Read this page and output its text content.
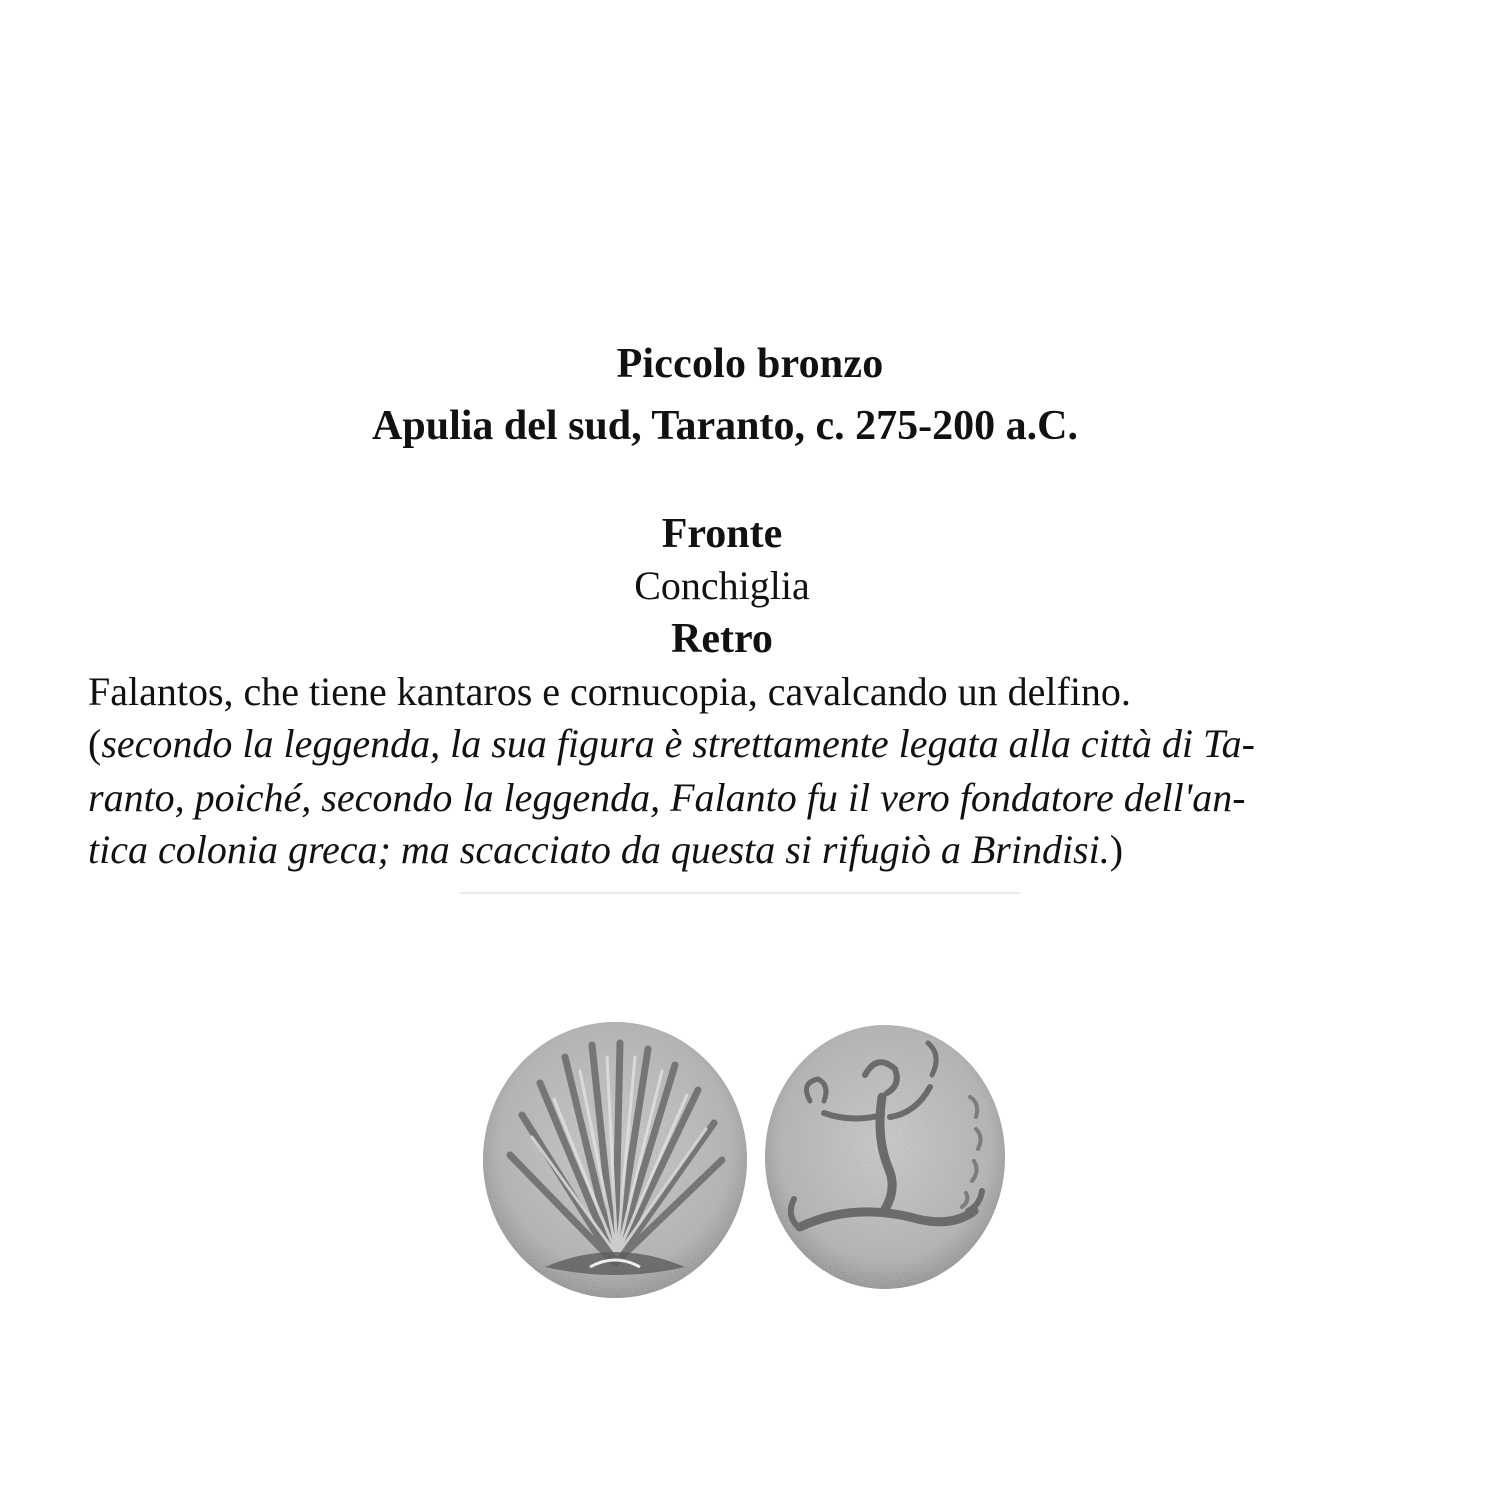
Piccolo bronzo
Apulia del sud, Taranto, c. 275-200 a.C.
Fronte
Conchiglia
Retro
Falantos, che tiene kantaros e cornucopia, cavalcando un delfino.
(secondo la leggenda, la sua figura è strettamente legata alla città di Ta-
ranto, poiché, secondo la leggenda, Falanto fu il vero fondatore dell'an-
tica colonia greca; ma scacciato da questa si rifugiò a Brindisi.)
